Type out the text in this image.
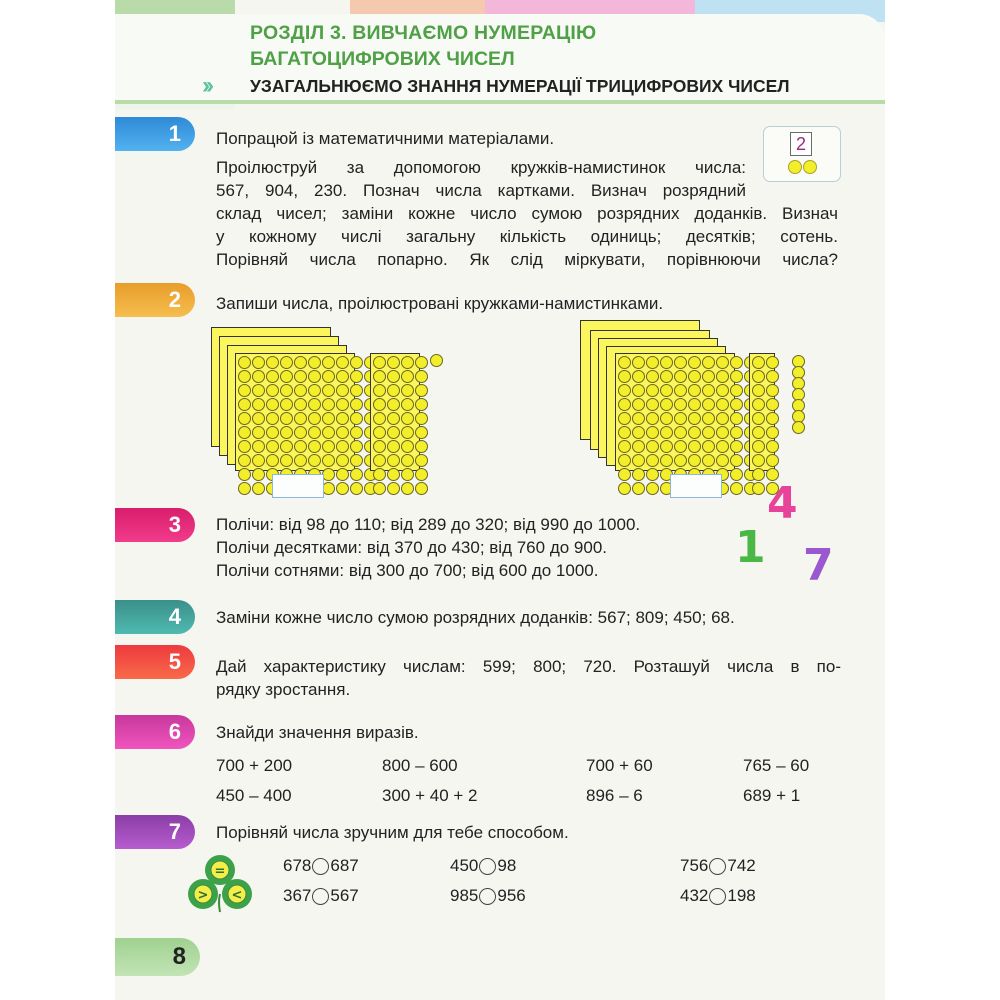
РОЗДІЛ 3. ВИВЧАЄМО НУМЕРАЦІЮ
БАГАТОЦИФРОВИХ ЧИСЕЛ
›› УЗАГАЛЬНЮЄМО ЗНАННЯ НУМЕРАЦІЇ ТРИЦИФРОВИХ ЧИСЕЛ
1	Попрацюй із математичними матеріалами.
Проілюструй за допомогою кружків-намистинок числа:
567, 904, 230. Познач числа картками. Визнач розрядний
склад чисел; заміни кожне число сумою розрядних доданків. Визнач
у кожному числі загальну кількість одиниць; десятків; сотень.
Порівняй числа попарно. Як слід міркувати, порівнюючи числа?
2
2	Запиши числа, проілюстровані кружками-намистинками.
3	Полічи: від 98 до 110; від 289 до 320; від 990 до 1000.
Полічи десятками: від 370 до 430; від 760 до 900.
Полічи сотнями: від 300 до 700; від 600 до 1000.
4
1 7
4	Заміни кожне число сумою розрядних доданків: 567; 809; 450; 68.
5	Дай характеристику числам: 599; 800; 720. Розташуй числа в по-
рядку зростання.
6	Знайди значення виразів.
700 + 200	800 – 600	700 + 60	765 – 60
450 – 400	300 + 40 + 2	896 – 6	689 + 1
7	Порівняй числа зручним для тебе способом.
678 687	450 98	756 742
367 567	985 956	432 198
=
> <
8
